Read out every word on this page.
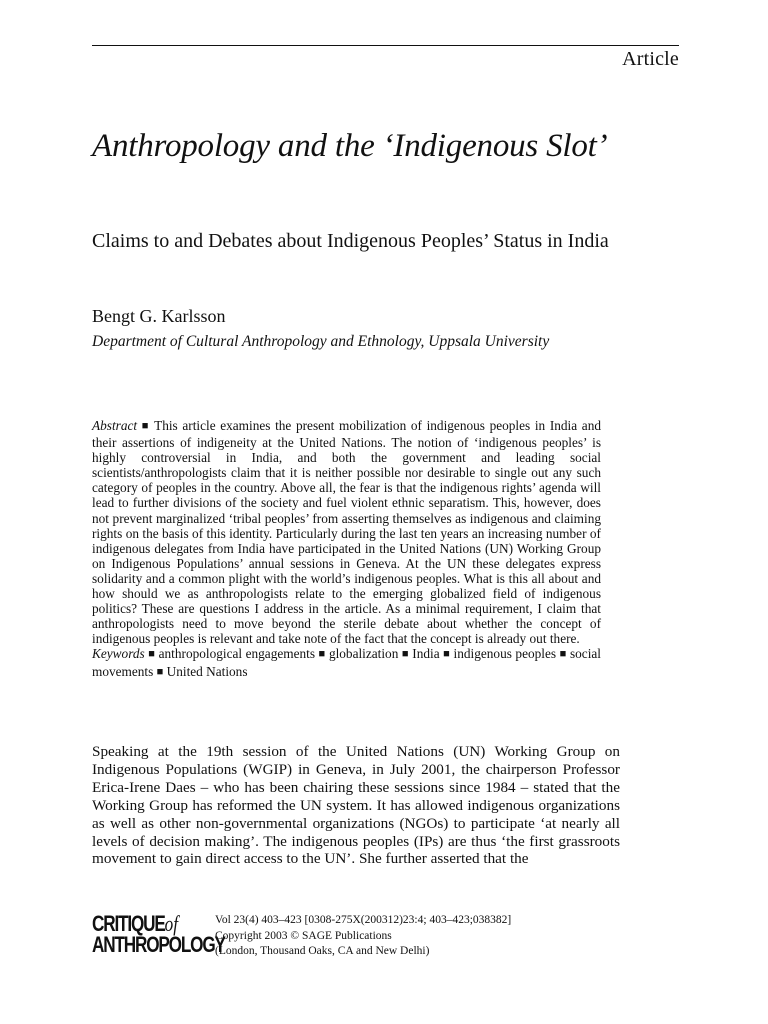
Article
Anthropology and the ‘Indigenous Slot’
Claims to and Debates about Indigenous Peoples’ Status in India
Bengt G. Karlsson
Department of Cultural Anthropology and Ethnology, Uppsala University
Abstract ■ This article examines the present mobilization of indigenous peoples in India and their assertions of indigeneity at the United Nations. The notion of ‘indigenous peoples’ is highly controversial in India, and both the government and leading social scientists/anthropologists claim that it is neither possible nor desirable to single out any such category of peoples in the country. Above all, the fear is that the indigenous rights’ agenda will lead to further divisions of the society and fuel violent ethnic separatism. This, however, does not prevent marginalized ‘tribal peoples’ from asserting themselves as indigenous and claiming rights on the basis of this identity. Particularly during the last ten years an increasing number of indigenous delegates from India have participated in the United Nations (UN) Working Group on Indigenous Populations’ annual sessions in Geneva. At the UN these delegates express solidarity and a common plight with the world’s indigenous peoples. What is this all about and how should we as anthropologists relate to the emerging globalized field of indigenous politics? These are questions I address in the article. As a minimal requirement, I claim that anthropologists need to move beyond the sterile debate about whether the concept of indigenous peoples is relevant and take note of the fact that the concept is already out there.
Keywords ■ anthropological engagements ■ globalization ■ India ■ indigenous peoples ■ social movements ■ United Nations
Speaking at the 19th session of the United Nations (UN) Working Group on Indigenous Populations (WGIP) in Geneva, in July 2001, the chairperson Professor Erica-Irene Daes – who has been chairing these sessions since 1984 – stated that the Working Group has reformed the UN system. It has allowed indigenous organizations as well as other non-governmental organizations (NGOs) to participate ‘at nearly all levels of decision making’. The indigenous peoples (IPs) are thus ‘the first grassroots movement to gain direct access to the UN’. She further asserted that the
CRITIQUEof
ANTHROPOLOGY
Vol 23(4) 403–423 [0308-275X(200312)23:4; 403–423;038382]
Copyright 2003 © SAGE Publications
(London, Thousand Oaks, CA and New Delhi)
